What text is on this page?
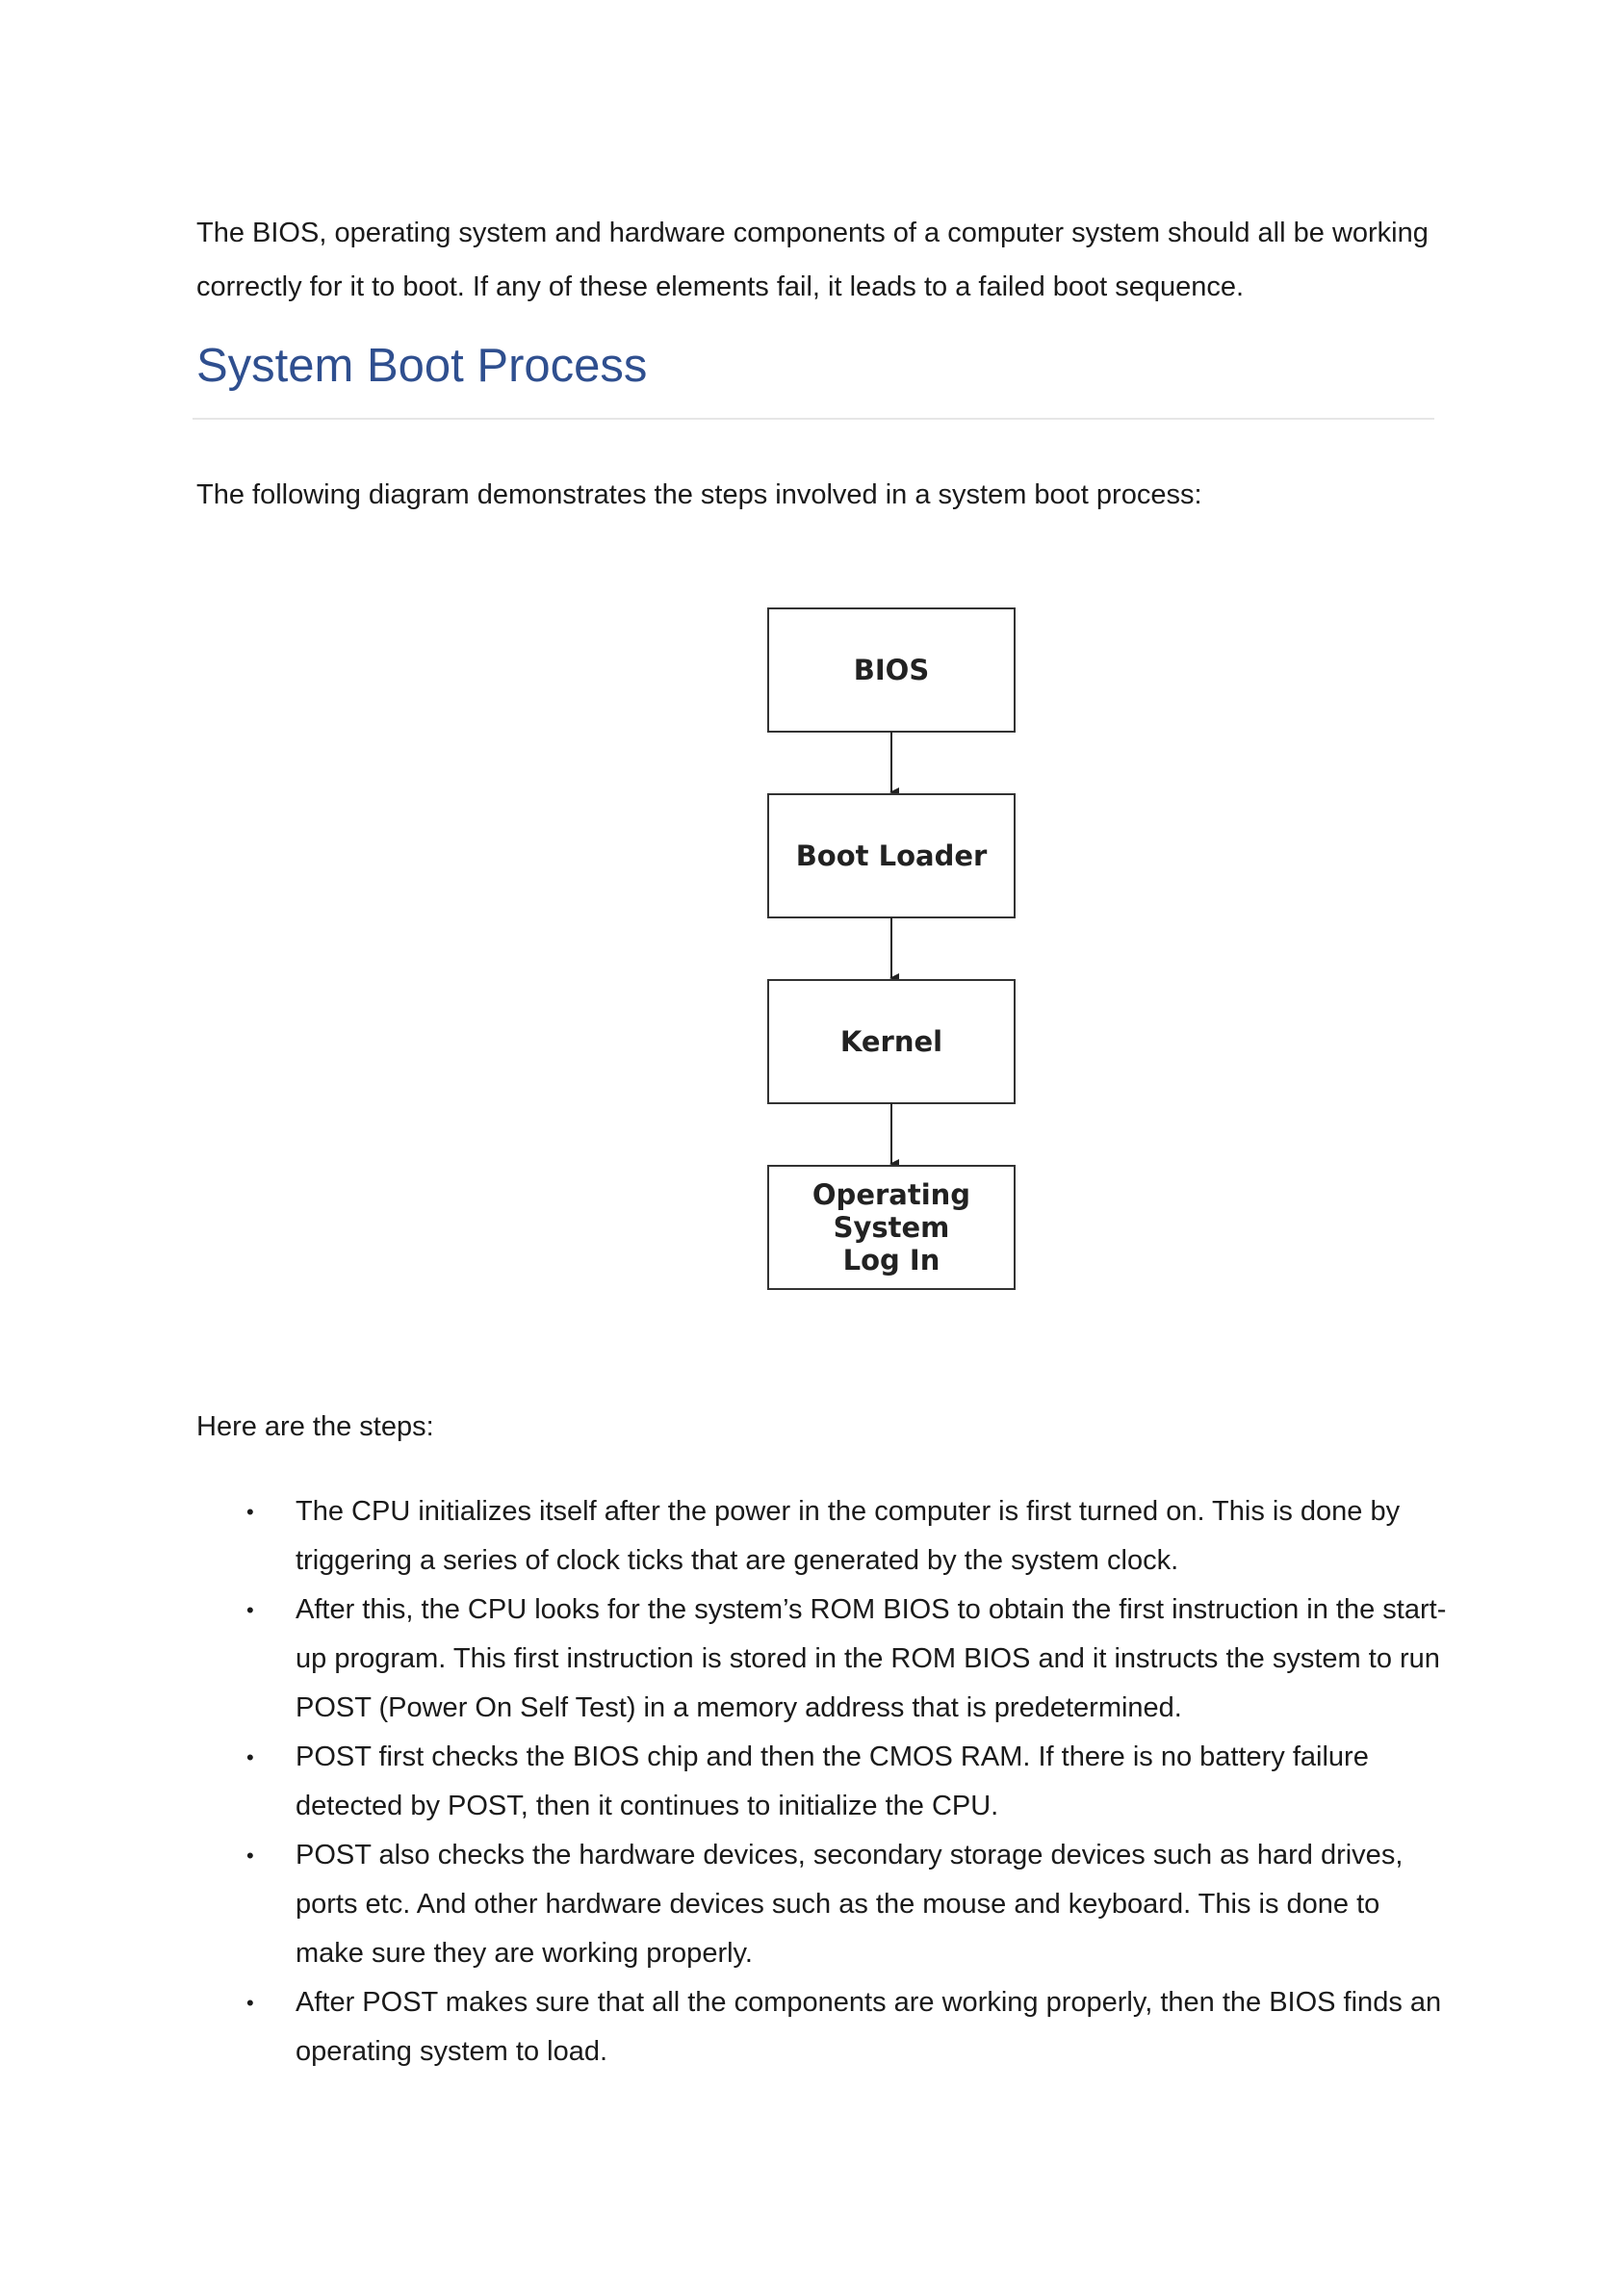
The BIOS, operating system and hardware components of a computer system should all be working correctly for it to boot. If any of these elements fail, it leads to a failed boot sequence.

System Boot Process

The following diagram demonstrates the steps involved in a system boot process:

BIOS
Boot Loader
Kernel
Operating
System
Log In

Here are the steps:

• The CPU initializes itself after the power in the computer is first turned on. This is done by triggering a series of clock ticks that are generated by the system clock.
• After this, the CPU looks for the system’s ROM BIOS to obtain the first instruction in the start-up program. This first instruction is stored in the ROM BIOS and it instructs the system to run POST (Power On Self Test) in a memory address that is predetermined.
• POST first checks the BIOS chip and then the CMOS RAM. If there is no battery failure detected by POST, then it continues to initialize the CPU.
• POST also checks the hardware devices, secondary storage devices such as hard drives, ports etc. And other hardware devices such as the mouse and keyboard. This is done to make sure they are working properly.
• After POST makes sure that all the components are working properly, then the BIOS finds an operating system to load.
